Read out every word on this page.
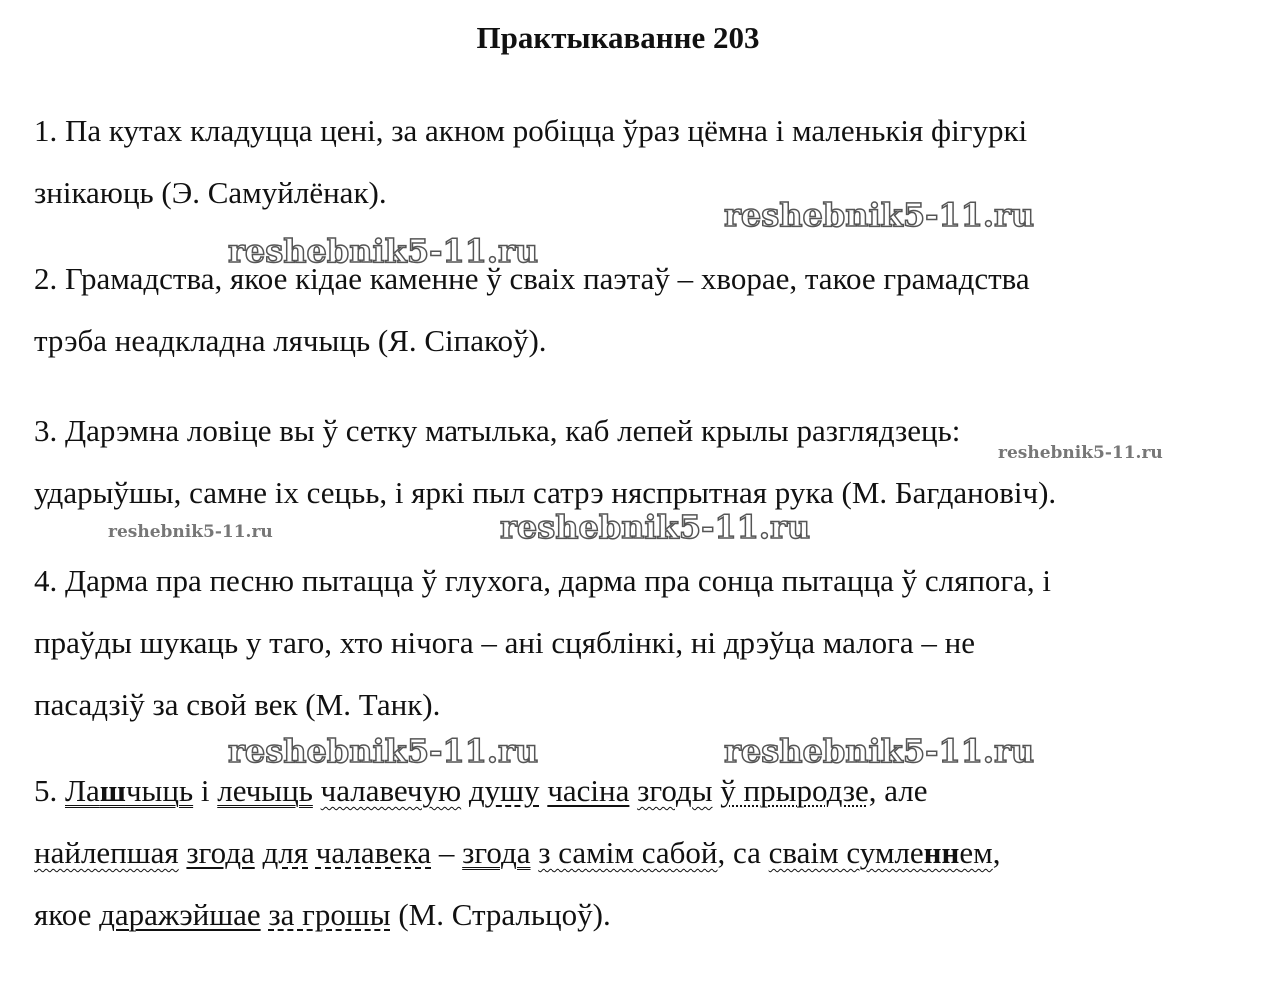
Практыкаванне 203
1. Па кутах кладуцца цені, за акном робіцца ўраз цёмна і маленькія фігуркі
знікаюць (Э. Самуйлёнак).
2. Грамадства, якое кідае каменне ў сваіх паэтаў – хворае, такое грамадства
трэба неадкладна лячыць (Я. Сіпакоў).
3. Дарэмна ловіце вы ў сетку матылька, каб лепей крылы разглядзець:
ударыўшы, самне іх сецьь, і яркі пыл сатрэ няспрытная рука (М. Багдановіч).
4. Дарма пра песню пытацца ў глухога, дарма пра сонца пытацца ў сляпога, і
праўды шукаць у таго, хто нічога – ані сцяблінкі, ні дрэўца малога – не
пасадзіў за свой век (М. Танк).
5. Лашчыць і лечыць чалавечую душу часіна згоды ў прыродзе, але
найлепшая згода для чалавека – згода з самім сабой, са сваім сумленнем,
якое даражэйшае за грошы (М. Стральцоў).
reshebnik5-11.ru
reshebnik5-11.ru
reshebnik5-11.ru
reshebnik5-11.ru	reshebnik5-11.ru
reshebnik5-11.ru	reshebnik5-11.ru
